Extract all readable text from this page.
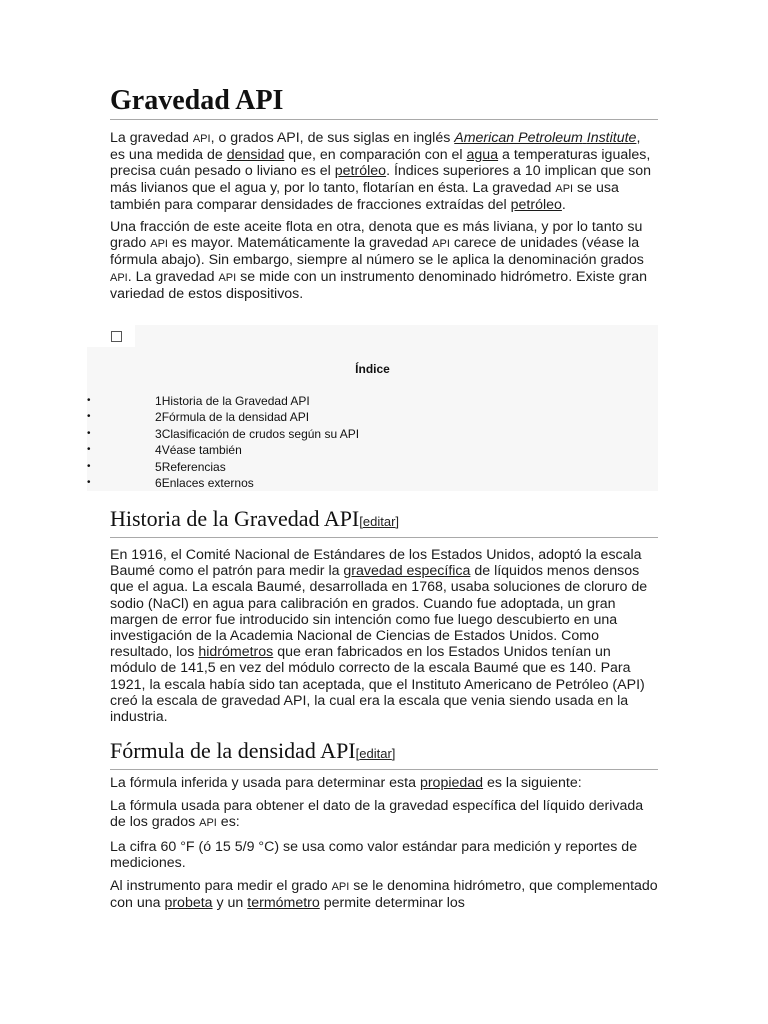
Gravedad API

La gravedad API, o grados API, de sus siglas en inglés American Petroleum Institute, es una medida de densidad que, en comparación con el agua a temperaturas iguales, precisa cuán pesado o liviano es el petróleo. Índices superiores a 10 implican que son más livianos que el agua y, por lo tanto, flotarían en ésta. La gravedad API se usa también para comparar densidades de fracciones extraídas del petróleo.

Una fracción de este aceite flota en otra, denota que es más liviana, y por lo tanto su grado API es mayor. Matemáticamente la gravedad API carece de unidades (véase la fórmula abajo). Sin embargo, siempre al número se le aplica la denominación grados API. La gravedad API se mide con un instrumento denominado hidrómetro. Existe gran variedad de estos dispositivos.

Índice
•	1Historia de la Gravedad API
•	2Fórmula de la densidad API
•	3Clasificación de crudos según su API
•	4Véase también
•	5Referencias
•	6Enlaces externos
Historia de la Gravedad API[editar]

En 1916, el Comité Nacional de Estándares de los Estados Unidos, adoptó la escala Baumé como el patrón para medir la gravedad específica de líquidos menos densos que el agua. La escala Baumé, desarrollada en 1768, usaba soluciones de cloruro de sodio (NaCl) en agua para calibración en grados. Cuando fue adoptada, un gran margen de error fue introducido sin intención como fue luego descubierto en una investigación de la Academia Nacional de Ciencias de Estados Unidos. Como resultado, los hidrómetros que eran fabricados en los Estados Unidos tenían un módulo de 141,5 en vez del módulo correcto de la escala Baumé que es 140. Para 1921, la escala había sido tan aceptada, que el Instituto Americano de Petróleo (API) creó la escala de gravedad API, la cual era la escala que venia siendo usada en la industria.

Fórmula de la densidad API[editar]

La fórmula inferida y usada para determinar esta propiedad es la siguiente:

La fórmula usada para obtener el dato de la gravedad específica del líquido derivada de los grados API es:

La cifra 60 °F (ó 15 5/9 °C) se usa como valor estándar para medición y reportes de mediciones.

Al instrumento para medir el grado API se le denomina hidrómetro, que complementado con una probeta y un termómetro permite determinar los
